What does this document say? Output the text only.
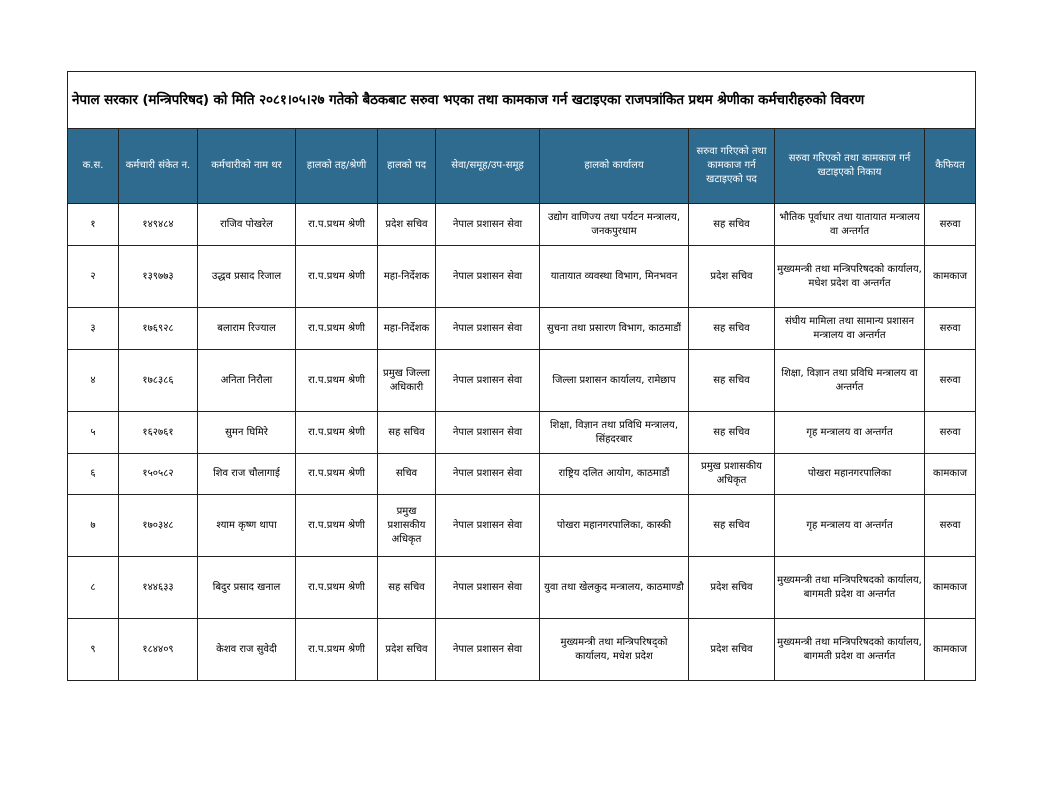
नेपाल सरकार (मन्त्रिपरिषद) को मिति २०८१।०५।२७ गतेको बैठकबाट सरुवा भएका तथा कामकाज गर्न खटाइएका राजपत्रांकित प्रथम श्रेणीका कर्मचारीहरुको विवरण									
क.स.	कर्मचारी संकेत न.	कर्मचारीको नाम थर	हालको तह/श्रेणी	हालको पद	सेवा/समूह/उप-समूह	हालको कार्यालय	सरुवा गरिएको तथा कामकाज गर्न खटाइएको पद	सरुवा गरिएको तथा कामकाज गर्न खटाइएको निकाय	कैफियत
१	१४९४८४	राजिव पोखरेल	रा.प.प्रथम श्रेणी	प्रदेश सचिव	नेपाल प्रशासन सेवा	उद्योग वाणिज्य तथा पर्यटन मन्त्रालय, जनकपुरधाम	सह सचिव	भौतिक पूर्वाधार तथा यातायात मन्त्रालय वा अन्तर्गत	सरुवा
२	१३९७७३	उद्धव प्रसाद रिजाल	रा.प.प्रथम श्रेणी	महा-निर्देशक	नेपाल प्रशासन सेवा	यातायात व्यवस्था विभाग, मिनभवन	प्रदेश सचिव	मुख्यमन्त्री तथा मन्त्रिपरिषदको कार्यालय, मधेश प्रदेश वा अन्तर्गत	कामकाज
३	१७६९२८	बलाराम रिज्याल	रा.प.प्रथम श्रेणी	महा-निर्देशक	नेपाल प्रशासन सेवा	सुचना तथा प्रसारण विभाग, काठमाडौं	सह सचिव	संघीय मामिला तथा सामान्य प्रशासन मन्त्रालय वा अन्तर्गत	सरुवा
४	१७८३८६	अनिता निरौला	रा.प.प्रथम श्रेणी	प्रमुख जिल्ला अधिकारी	नेपाल प्रशासन सेवा	जिल्ला प्रशासन कार्यालय, रामेछाप	सह सचिव	शिक्षा, विज्ञान तथा प्रविधि मन्त्रालय वा अन्तर्गत	सरुवा
५	१६२७६१	सुमन घिमिरे	रा.प.प्रथम श्रेणी	सह सचिव	नेपाल प्रशासन सेवा	शिक्षा, विज्ञान तथा प्रविधि मन्त्रालय, सिंहदरबार	सह सचिव	गृह मन्त्रालय वा अन्तर्गत	सरुवा
६	१५०५८२	शिव राज चौलागाई	रा.प.प्रथम श्रेणी	सचिव	नेपाल प्रशासन सेवा	राष्ट्रिय दलित आयोग, काठमाडौं	प्रमुख प्रशासकीय अधिकृत	पोखरा महानगरपालिका	कामकाज
७	१७०३४८	श्याम कृष्ण थापा	रा.प.प्रथम श्रेणी	प्रमुख प्रशासकीय अधिकृत	नेपाल प्रशासन सेवा	पोखरा महानगरपालिका, कास्की	सह सचिव	गृह मन्त्रालय वा अन्तर्गत	सरुवा
८	१४४६३३	बिदुर प्रसाद खनाल	रा.प.प्रथम श्रेणी	सह सचिव	नेपाल प्रशासन सेवा	युवा तथा खेलकुद मन्त्रालय, काठमाण्डौ	प्रदेश सचिव	मुख्यमन्त्री तथा मन्त्रिपरिषदको कार्यालय, बागमती प्रदेश वा अन्तर्गत	कामकाज
९	१८४४०९	केशव राज सुवेदी	रा.प.प्रथम श्रेणी	प्रदेश सचिव	नेपाल प्रशासन सेवा	मुख्यमन्त्री तथा मन्त्रिपरिषद्को कार्यालय, मधेश प्रदेश	प्रदेश सचिव	मुख्यमन्त्री तथा मन्त्रिपरिषदको कार्यालय, बागमती प्रदेश वा अन्तर्गत	कामकाज
